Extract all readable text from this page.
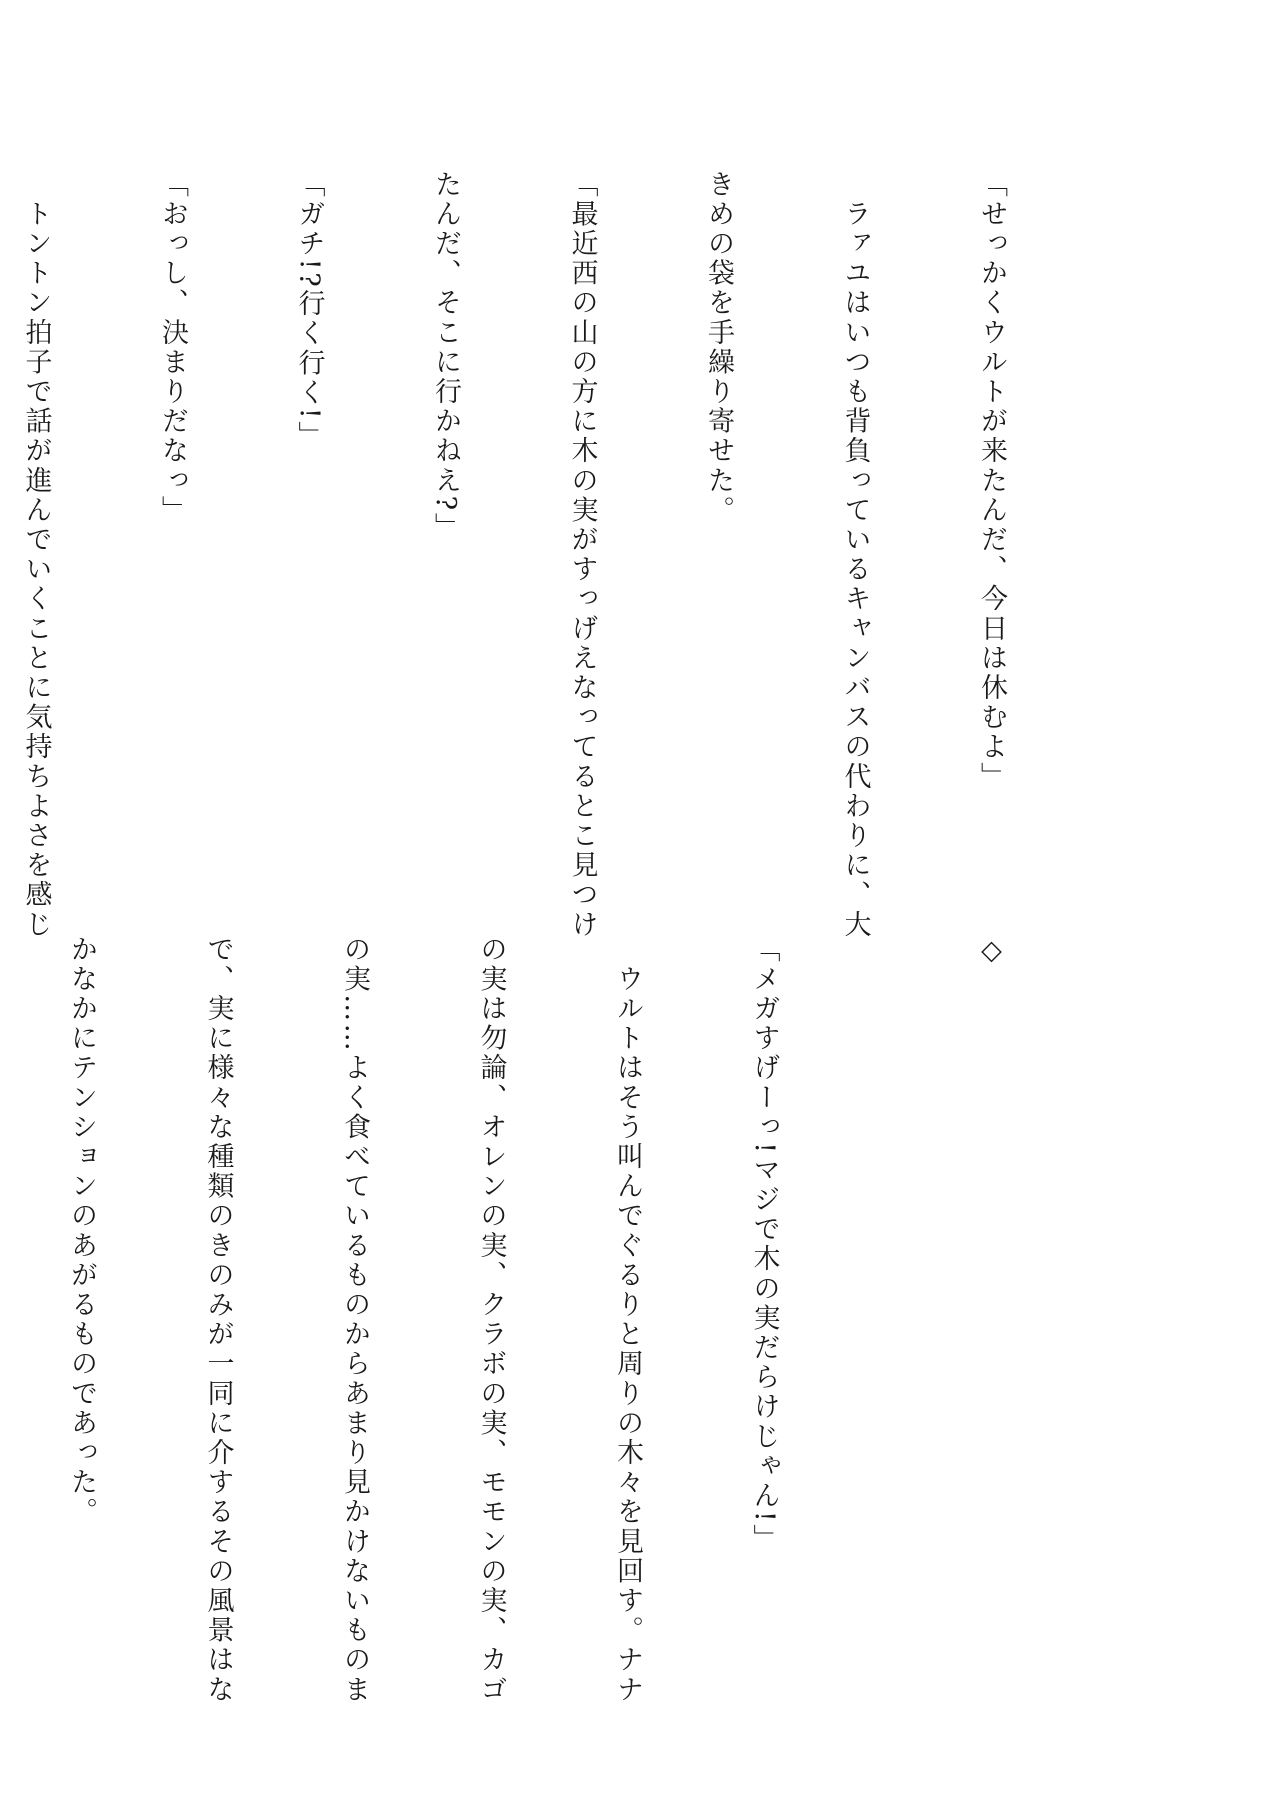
「せっかくウルトが来たんだ、今日は休むよ」

　ラァユはいつも背負っているキャンバスの代わりに、大

きめの袋を手繰り寄せた。

「最近西の山の方に木の実がすっげえなってるとこ見つけ

たんだ、そこに行かねえ?」

「ガチ!?行く行く!」

「おっし、決まりだなっ」

　トントン拍子で話が進んでいくことに気持ちよさを感じ

◇

「メガすげーっ!マジで木の実だらけじゃん!」

　ウルトはそう叫んでぐるりと周りの木々を見回す。ナナ

の実は勿論、オレンの実、クラボの実、モモンの実、カゴ

の実……よく食べているものからあまり見かけないものま

で、実に様々な種類のきのみが一同に介するその風景はな

かなかにテンションのあがるものであった。
